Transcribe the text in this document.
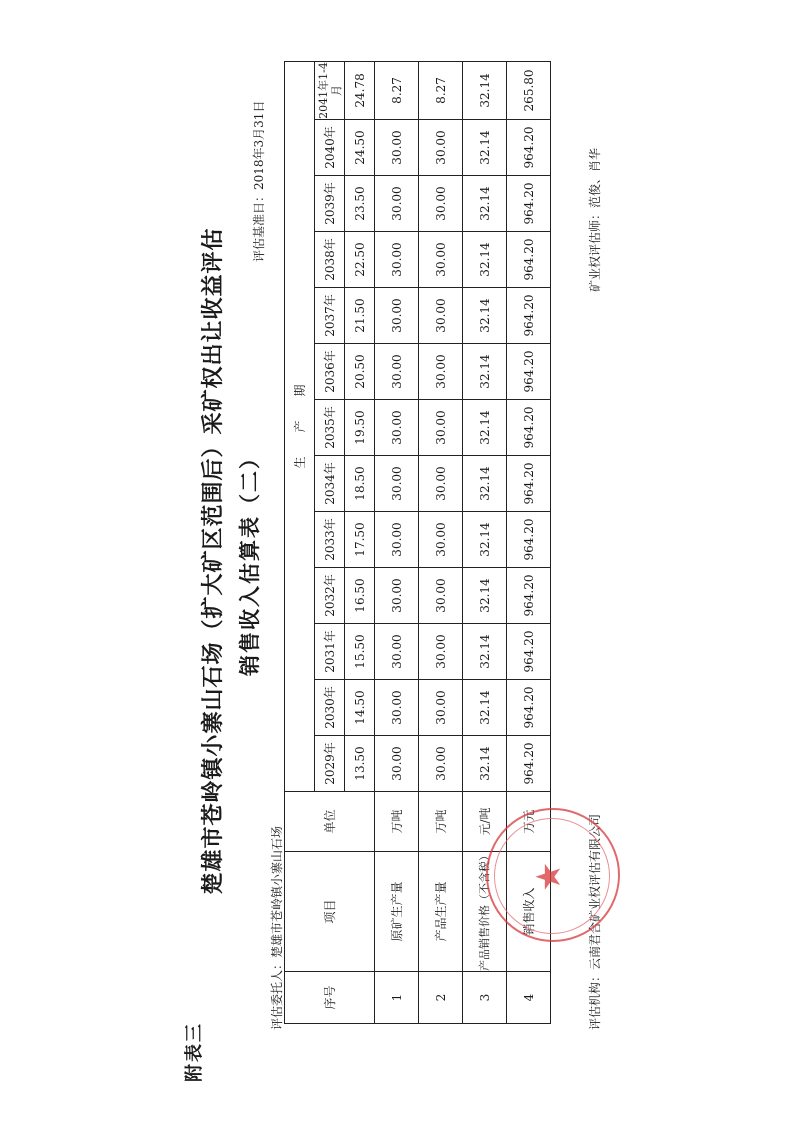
附表三
楚雄市苍岭镇小寨山石场（扩大矿区范围后）采矿权出让收益评估 销售收入估算表（二）
评估基准日：2018年3月31日
评估委托人：楚雄市苍岭镇小寨山石场	序号	项目	单位	生　　产　　期												
			2029年	2030年	2031年	2032年	2033年	2034年	2035年	2036年	2037年	2038年	2039年	2040年	2041年1-4月
			13.50	14.50	15.50	16.50	17.50	18.50	19.50	20.50	21.50	22.50	23.50	24.50	24.78
1	原矿生产量	万吨	30.00	30.00	30.00	30.00	30.00	30.00	30.00	30.00	30.00	30.00	30.00	30.00	8.27
2	产品生产量	万吨	30.00	30.00	30.00	30.00	30.00	30.00	30.00	30.00	30.00	30.00	30.00	30.00	8.27
3	产品销售价格（不含税）	元/吨	32.14	32.14	32.14	32.14	32.14	32.14	32.14	32.14	32.14	32.14	32.14	32.14	32.14
4	销售收入	万元	964.20	964.20	964.20	964.20	964.20	964.20	964.20	964.20	964.20	964.20	964.20	964.20	265.80
评估机构：云南君合矿业权评估有限公司
矿业权评估师：范俊、肖华
★
